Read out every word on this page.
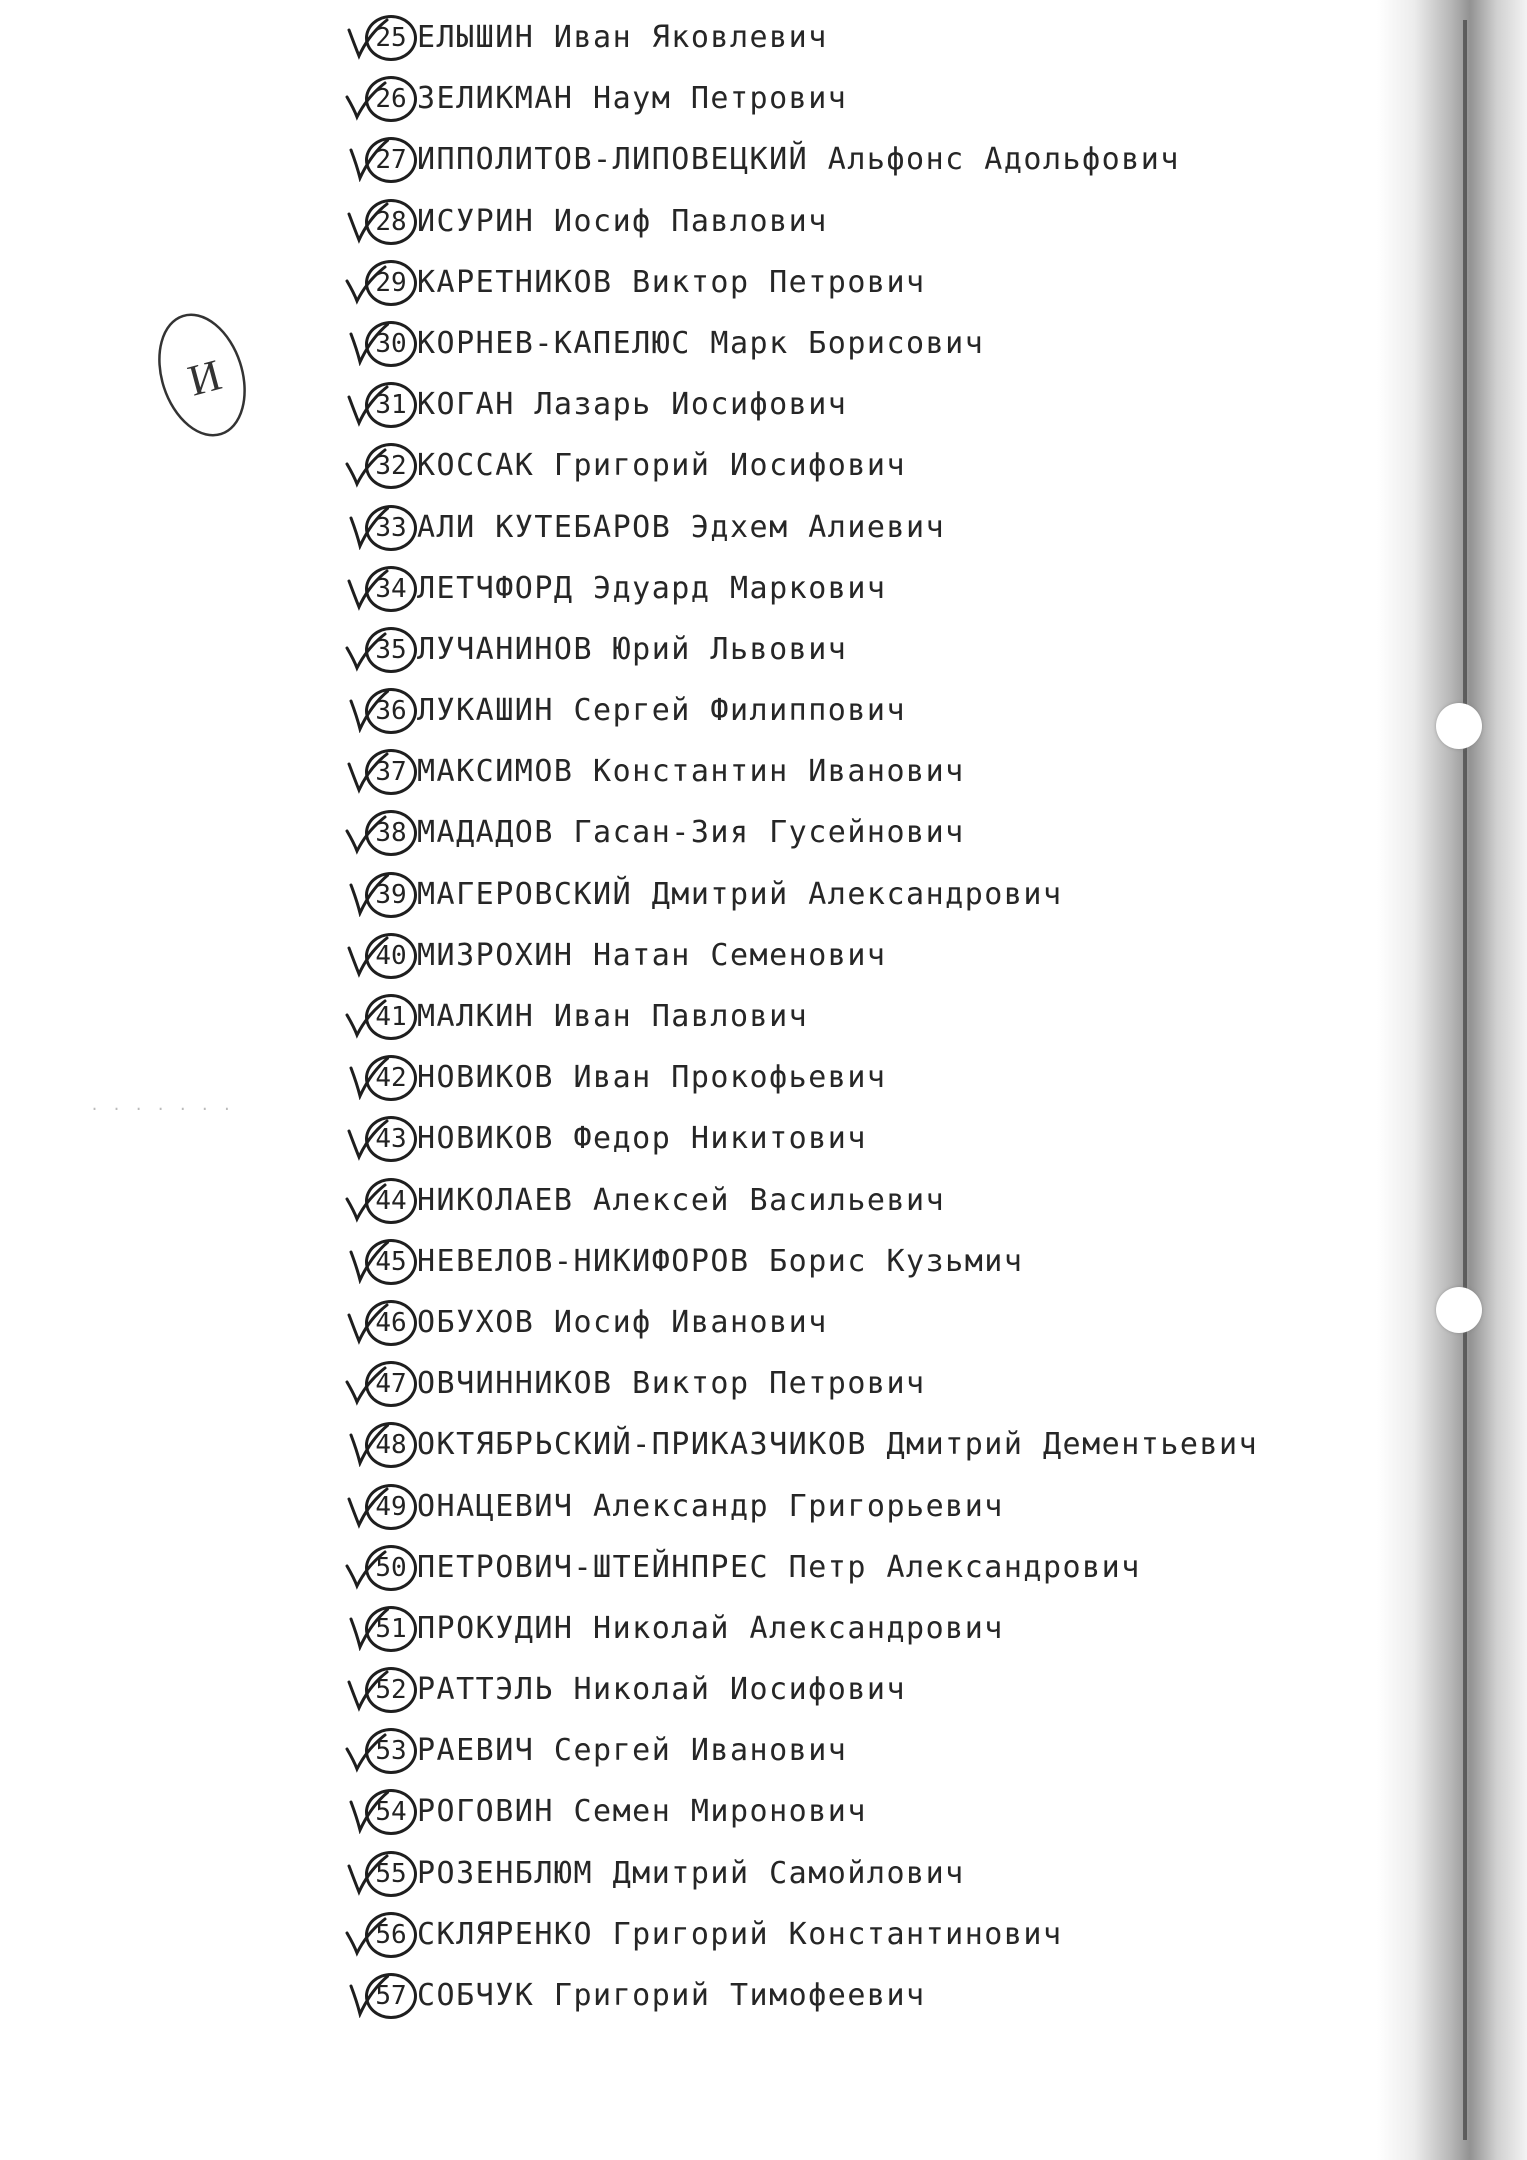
И
· · · · · · ·
25 ЕЛЫШИН Иван Яковлевич
26 ЗЕЛИКМАН Наум Петрович
27 ИППОЛИТОВ-ЛИПОВЕЦКИЙ Альфонс Адольфович
28 ИСУРИН Иосиф Павлович
29 КАРЕТНИКОВ Виктор Петрович
30 КОРНЕВ-КАПЕЛЮС Марк Борисович
31 КОГАН Лазарь Иосифович
32 КОССАК Григорий Иосифович
33 АЛИ КУТЕБАРОВ Эдхем Алиевич
34 ЛЕТЧФОРД Эдуард Маркович
35 ЛУЧАНИНОВ Юрий Львович
36 ЛУКАШИН Сергей Филиппович
37 МАКСИМОВ Константин Иванович
38 МАДАДОВ Гасан-Зия Гусейнович
39 МАГЕРОВСКИЙ Дмитрий Александрович
40 МИЗРОХИН Натан Семенович
41 МАЛКИН Иван Павлович
42 НОВИКОВ Иван Прокофьевич
43 НОВИКОВ Федор Никитович
44 НИКОЛАЕВ Алексей Васильевич
45 НЕВЕЛОВ-НИКИФОРОВ Борис Кузьмич
46 ОБУХОВ Иосиф Иванович
47 ОВЧИННИКОВ Виктор Петрович
48 ОКТЯБРЬСКИЙ-ПРИКАЗЧИКОВ Дмитрий Дементьевич
49 ОНАЦЕВИЧ Александр Григорьевич
50 ПЕТРОВИЧ-ШТЕЙНПРЕС Петр Александрович
51 ПРОКУДИН Николай Александрович
52 РАТТЭЛЬ Николай Иосифович
53 РАЕВИЧ Сергей Иванович
54 РОГОВИН Семен Миронович
55 РОЗЕНБЛЮМ Дмитрий Самойлович
56 СКЛЯРЕНКО Григорий Константинович
57 СОБЧУК Григорий Тимофеевич
